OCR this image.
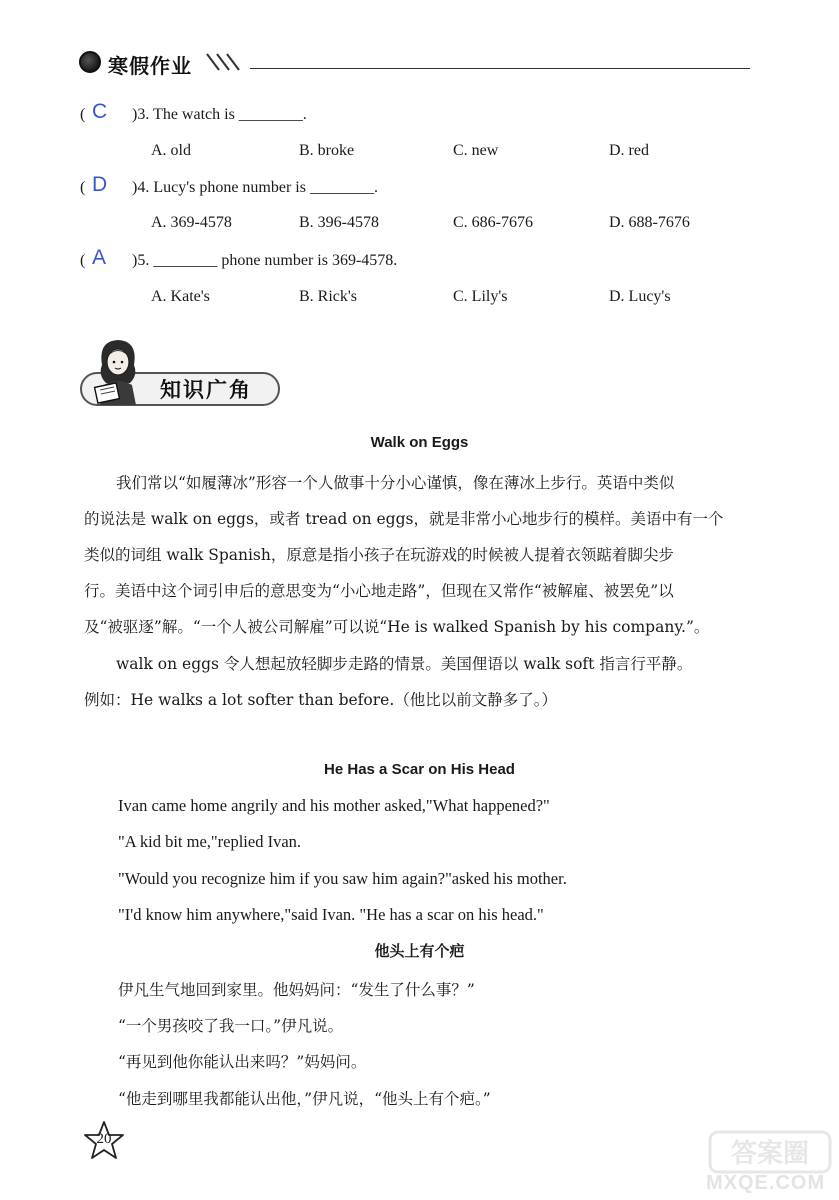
寒假作业
( C )3. The watch is ________.
A. old	B. broke	C. new	D. red
( D )4. Lucy's phone number is ________.
A. 369-4578	B. 396-4578	C. 686-7676	D. 688-7676
( A )5. ________ phone number is 369-4578.
A. Kate's	B. Rick's	C. Lily's	D. Lucy's
知识广角
Walk on Eggs
我们常以“如履薄冰”形容一个人做事十分小心谨慎，像在薄冰上步行。英语中类似
的说法是 walk on eggs，或者 tread on eggs，就是非常小心地步行的模样。美语中有一个
类似的词组 walk Spanish，原意是指小孩子在玩游戏的时候被人提着衣领踮着脚尖步
行。美语中这个词引申后的意思变为“小心地走路”，但现在又常作“被解雇、被罢免”以
及“被驱逐”解。“一个人被公司解雇”可以说“He is walked Spanish by his company.”。
walk on eggs 令人想起放轻脚步走路的情景。美国俚语以 walk soft 指言行平静。
例如：He walks a lot softer than before.（他比以前文静多了。）
He Has a Scar on His Head
Ivan came home angrily and his mother asked,"What happened?"
"A kid bit me,"replied Ivan.
"Would you recognize him if you saw him again?"asked his mother.
"I'd know him anywhere,"said Ivan. "He has a scar on his head."
他头上有个疤
伊凡生气地回到家里。他妈妈问：“发生了什么事？”
“一个男孩咬了我一口。”伊凡说。
“再见到他你能认出来吗？”妈妈问。
“他走到哪里我都能认出他，”伊凡说，“他头上有个疤。”
20	答案圈
MXQE.COM
